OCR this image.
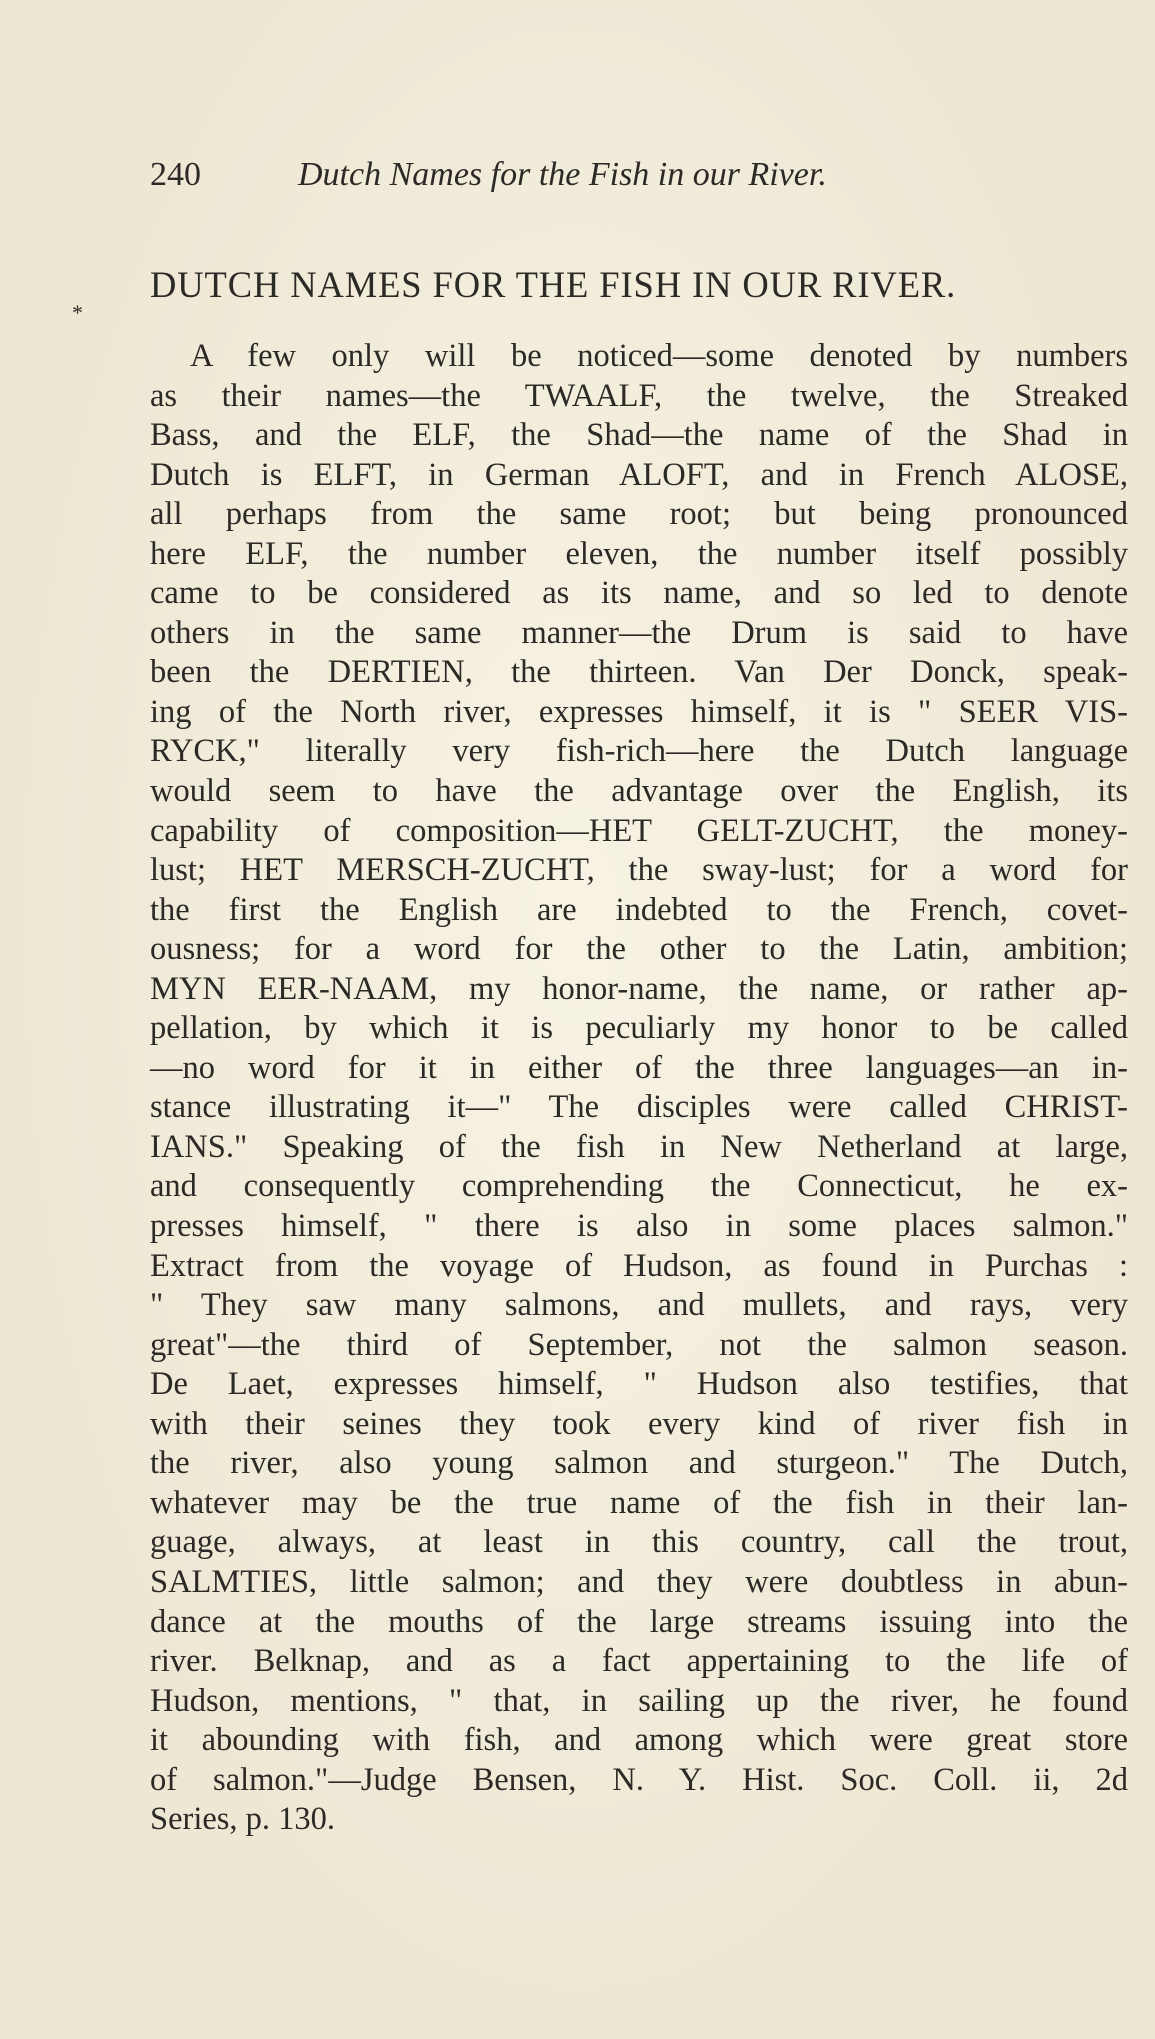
240	Dutch Names for the Fish in our River.
DUTCH NAMES FOR THE FISH IN OUR RIVER.
*
A few only will be noticed—some denoted by numbers
as their names—the TWAALF, the twelve, the Streaked
Bass, and the ELF, the Shad—the name of the Shad in
Dutch is ELFT, in German ALOFT, and in French ALOSE,
all perhaps from the same root; but being pronounced
here ELF, the number eleven, the number itself possibly
came to be considered as its name, and so led to denote
others in the same manner—the Drum is said to have
been the DERTIEN, the thirteen. Van Der Donck, speak-
ing of the North river, expresses himself, it is " SEER VIS-
RYCK," literally very fish-rich—here the Dutch language
would seem to have the advantage over the English, its
capability of composition—HET GELT-ZUCHT, the money-
lust; HET MERSCH-ZUCHT, the sway-lust; for a word for
the first the English are indebted to the French, covet-
ousness; for a word for the other to the Latin, ambition;
MYN EER-NAAM, my honor-name, the name, or rather ap-
pellation, by which it is peculiarly my honor to be called
—no word for it in either of the three languages—an in-
stance illustrating it—" The disciples were called CHRIST-
IANS." Speaking of the fish in New Netherland at large,
and consequently comprehending the Connecticut, he ex-
presses himself, " there is also in some places salmon."
Extract from the voyage of Hudson, as found in Purchas :
" They saw many salmons, and mullets, and rays, very
great"—the third of September, not the salmon season.
De Laet, expresses himself, " Hudson also testifies, that
with their seines they took every kind of river fish in
the river, also young salmon and sturgeon." The Dutch,
whatever may be the true name of the fish in their lan-
guage, always, at least in this country, call the trout,
SALMTIES, little salmon; and they were doubtless in abun-
dance at the mouths of the large streams issuing into the
river. Belknap, and as a fact appertaining to the life of
Hudson, mentions, " that, in sailing up the river, he found
it abounding with fish, and among which were great store
of salmon."—Judge Bensen, N. Y. Hist. Soc. Coll. ii, 2d
Series, p. 130.
